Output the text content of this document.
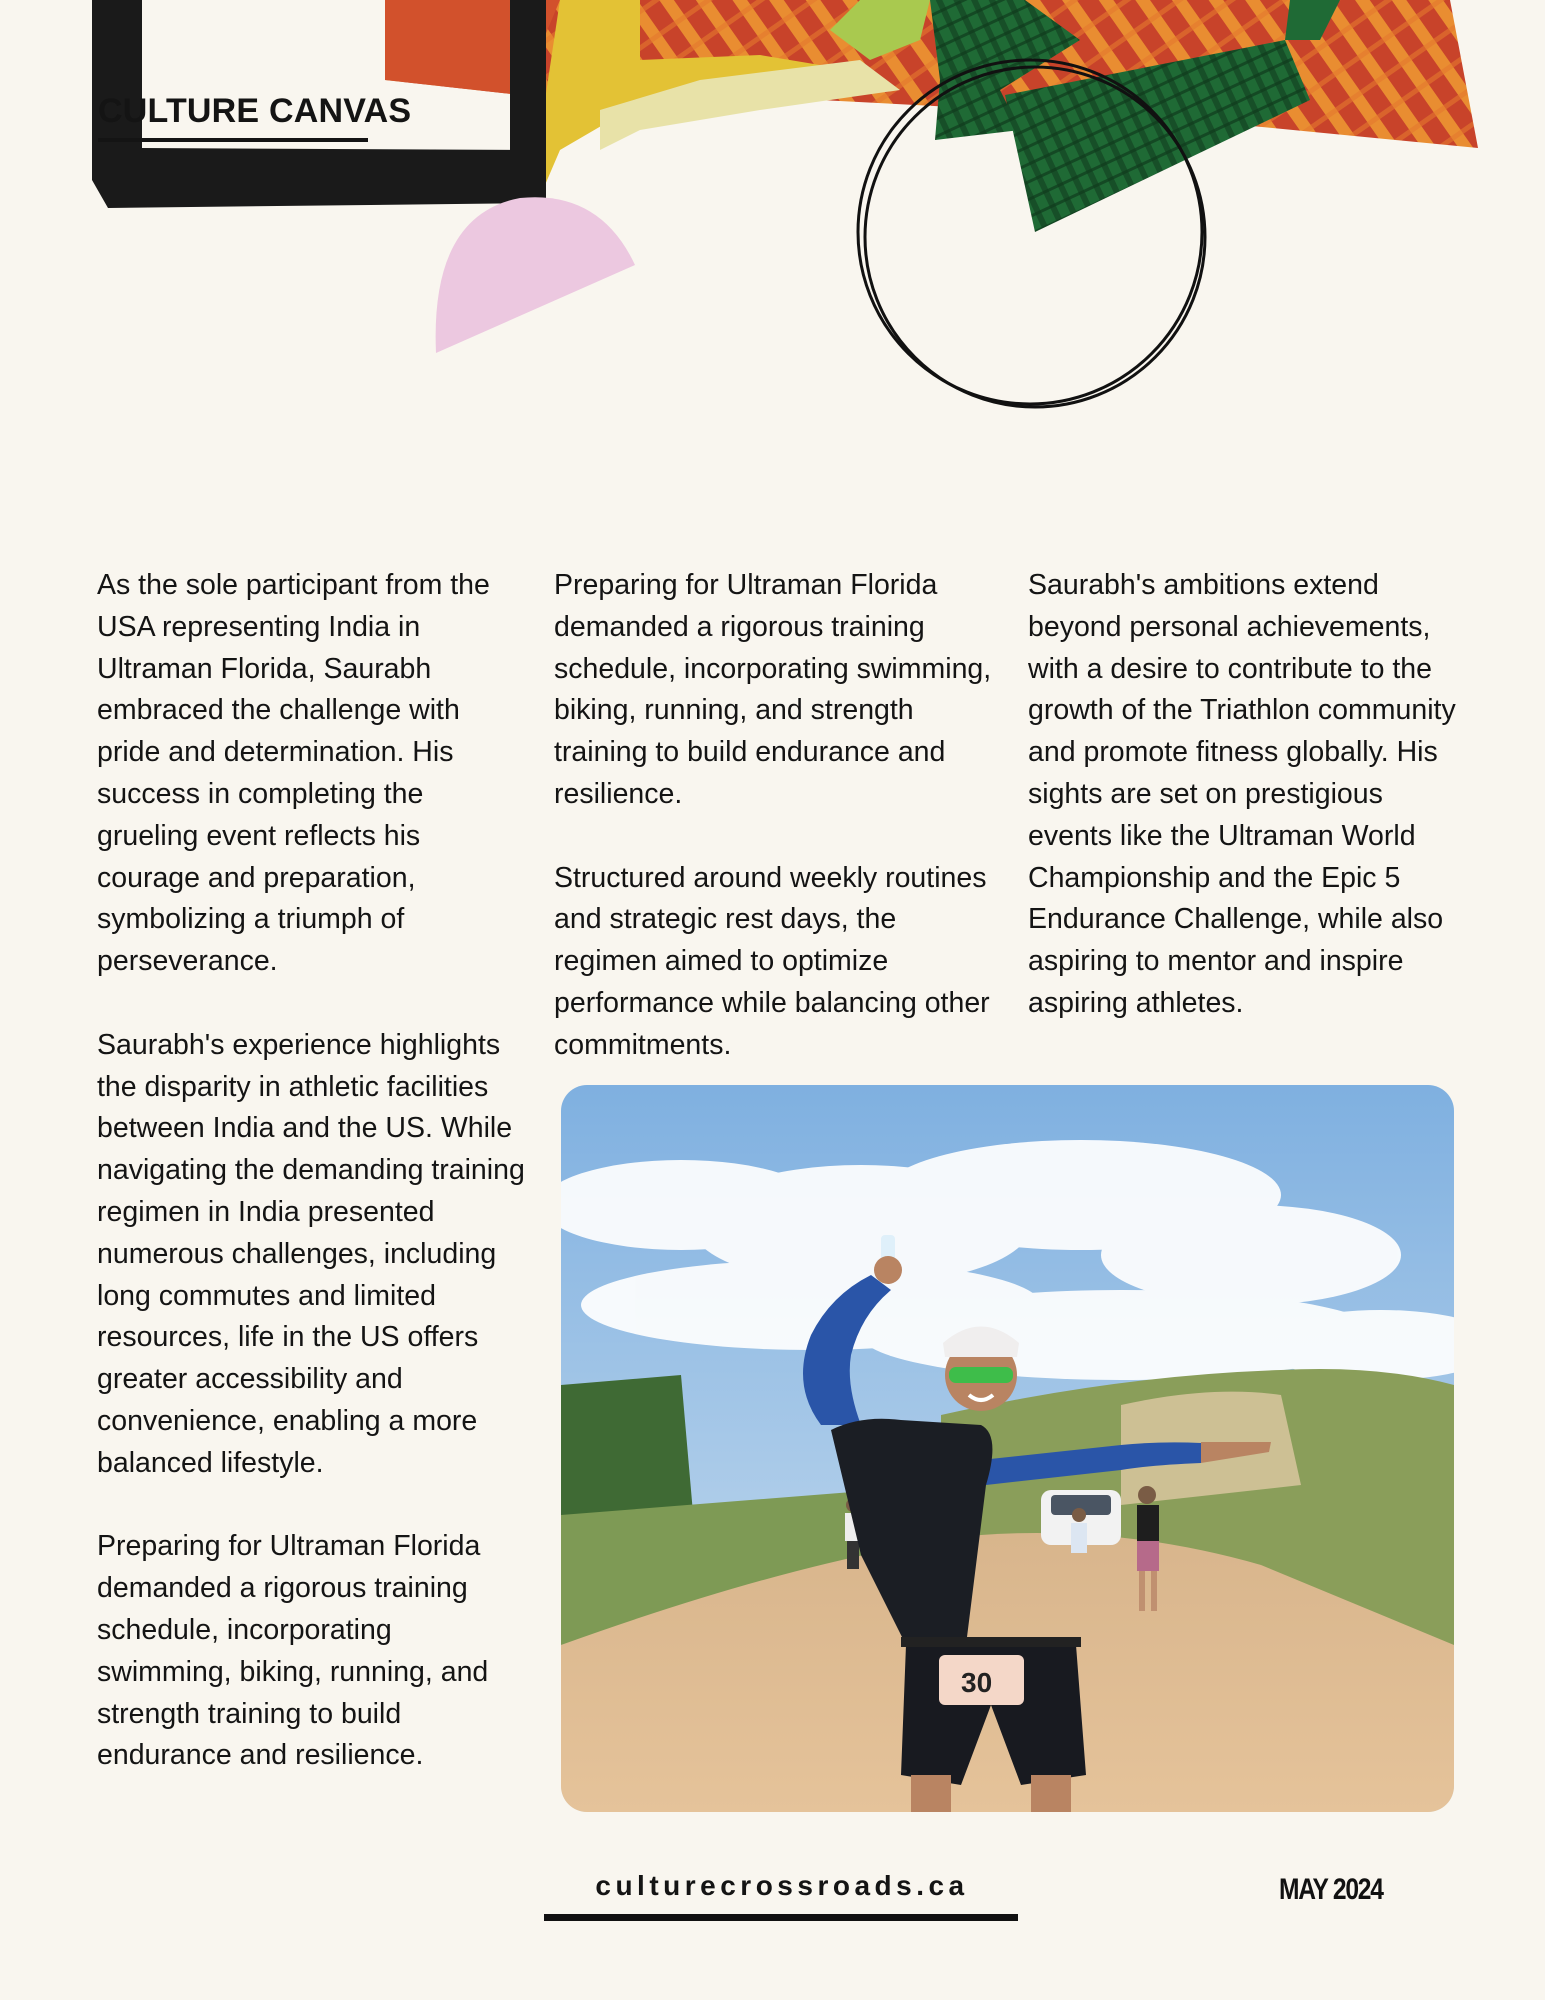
CULTURE CANVAS

As the sole participant from the USA representing India in Ultraman Florida, Saurabh embraced the challenge with pride and determination. His success in completing the grueling event reflects his courage and preparation, symbolizing a triumph of perseverance.

Saurabh's experience highlights the disparity in athletic facilities between India and the US. While navigating the demanding training regimen in India presented numerous challenges, including long commutes and limited resources, life in the US offers greater accessibility and convenience, enabling a more balanced lifestyle.

Preparing for Ultraman Florida demanded a rigorous training schedule, incorporating swimming, biking, running, and strength training to build endurance and resilience.

Preparing for Ultraman Florida demanded a rigorous training schedule, incorporating swimming, biking, running, and strength training to build endurance and resilience.

Structured around weekly routines and strategic rest days, the regimen aimed to optimize performance while balancing other commitments.

Saurabh's ambitions extend beyond personal achievements, with a desire to contribute to the growth of the Triathlon community and promote fitness globally. His sights are set on prestigious events like the Ultraman World Championship and the Epic 5 Endurance Challenge, while also aspiring to mentor and inspire aspiring athletes.

30
culturecrossroads.ca	MAY 2024
